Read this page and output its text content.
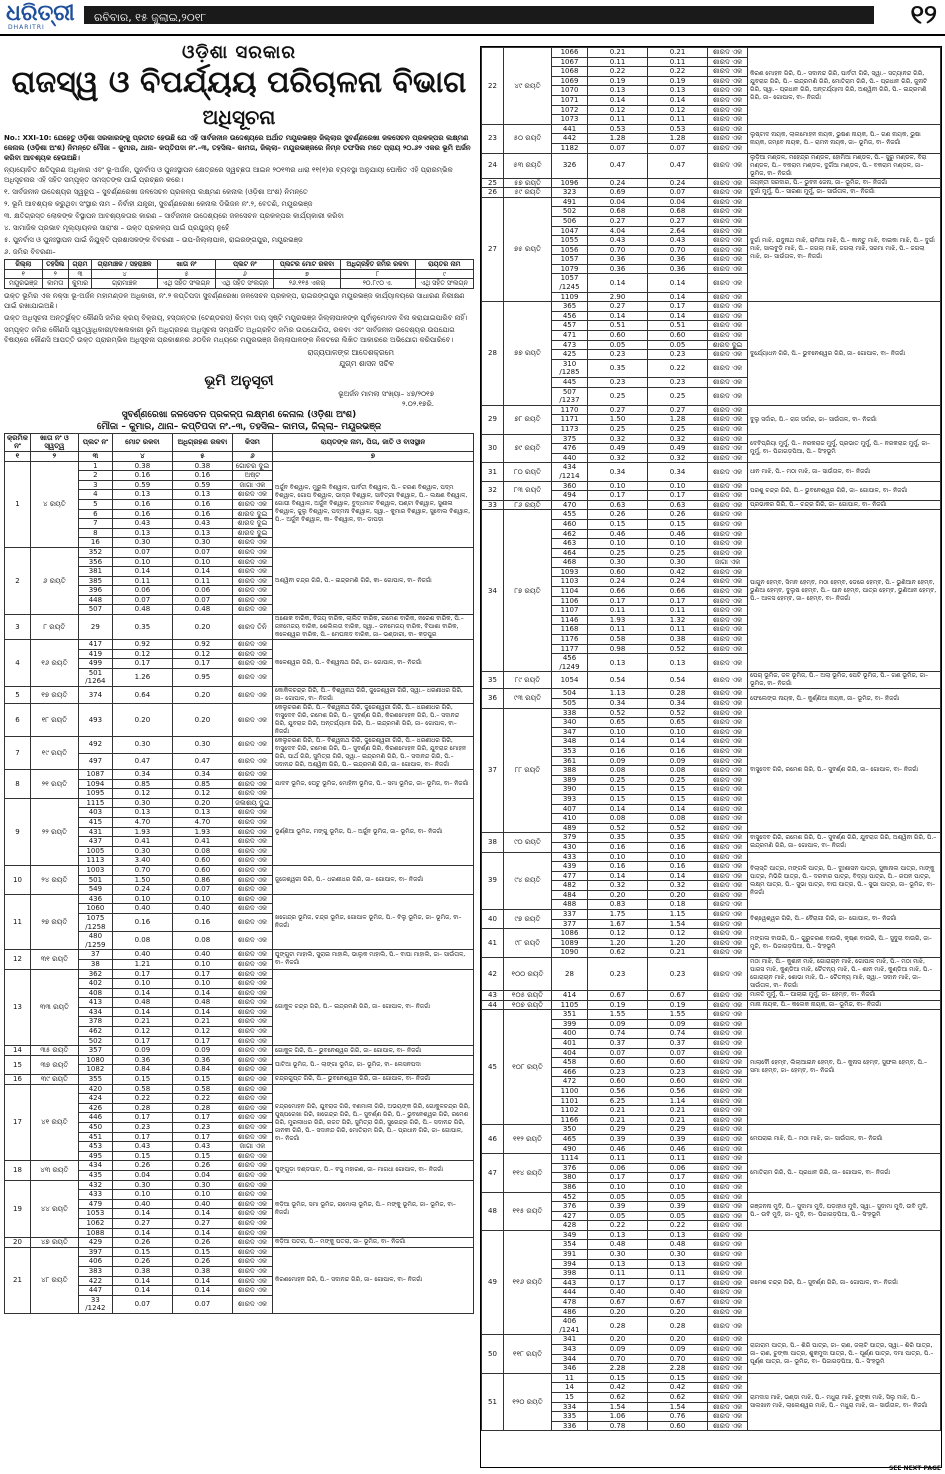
ଧରିତ୍ରୀ
DHARITRI
ରବିବାର, ୧୫ ଜୁଲାଇ,୨୦୧୮	୧୨
ଓଡ଼ିଶା ସରକାର
ରାଜସ୍ୱ ଓ ବିପର୍ଯ୍ୟୟ ପରିଚାଳନା ବିଭାଗ
ଅଧିସୂଚନା
No.: XXI-10: ଯେହେତୁ ଓଡ଼ିଶା ସରକାରଙ୍କୁ ପ୍ରତୀତ ହେଉଛି ଯେ ଏହି ସାର୍ବଜନୀନ ଉଦ୍ଦେଶ୍ୟରେ ଅର୍ଥାତ ମୟୂରଭଞ୍ଜ ଜିଲ୍ଲାର ସୁବର୍ଣ୍ଣରେଖା ଜଳସେଚନ ପ୍ରକଳ୍ପର ଲକ୍ଷ୍ମଣ କେନାଲ (ଓଡ଼ିଶା ଅଂଶ) ନିମନ୍ତେ ମୌଜା – କୁମାର, ଥାନା– କପ୍ତିପଦା ନଂ.–୩, ତହସିଲ– କାମତା, ଜିଲ୍ଲା– ମୟୂରଭଞ୍ଜରେ ନିମ୍ନ ତଫସିଲ ମତେ ପ୍ରାୟ ୨୦.୬୨ ଏକର ଭୂମି ଅର୍ଜନ କରିବା ଆବଶ୍ୟକ ହେଉଅଛି।
ନ୍ୟାୟୋଚିତ କ୍ଷତିପୂରଣ ଅଧିକାର ଏବଂ ଭୂ-ଅର୍ଜନ, ପୁନର୍ବାସ ଓ ପୁନଃସ୍ଥାପନ କ୍ଷେତ୍ରରେ ସ୍ୱଚ୍ଛତା ଆଇନ ୨୦୧୩ର ଧାରା ୧୧(୧)ର ବ୍ୟବସ୍ଥା ଅନୁଯାୟୀ ଘୋଷିତ ଏହି ପ୍ରାରମ୍ଭିକ ଅଧିସୂଚନାର ଏହି ସହିତ ସମ୍ପୃକ୍ତ ସମସ୍ତଙ୍କ ପାଇଁ ପ୍ରଚ୍ଛନ କରେ।
୧. ସାର୍ବଜନୀନ ଉଦ୍ଦେଶ୍ୟର ସ୍ୱରୂପ – ସୁବର୍ଣ୍ଣରେଖା ଜଳସେଚନ ପ୍ରକଳ୍ପ ଲକ୍ଷ୍ମଣ କେନାଲ (ଓଡ଼ିଶା ଅଂଶ) ନିମନ୍ତେ
୨. ଭୂମି ଆବଶ୍ୟକ କରୁଥିବା ସଂସ୍ଥାର ନାମ – ନିର୍ବାହୀ ଯନ୍ତ୍ରୀ, ସୁବର୍ଣ୍ଣରେଖା କେନାଲ ଡିଭିଜନ ନଂ.୨, ବେତଣି, ମୟୂରଭଞ୍ଜ
୩. କ୍ଷତିଗ୍ରସ୍ତ ଲୋକଙ୍କ ବିସ୍ଥାପନ ଆବଶ୍ୟକତାର କାରଣ – ସାର୍ବଜନୀନ ଉଦ୍ଦେଶ୍ୟରେ ଜଳସେଚନ ପ୍ରକଳ୍ପର କାର୍ଯ୍ୟକାରୀ କରିବା
୪. ସାମାଜିକ ପ୍ରଭାବ ମୂଲ୍ୟାୟନର ସାରାଂଶ – ଉକ୍ତ ପ୍ରକଳ୍ପ ପାଇଁ ପ୍ରଯୁଜ୍ୟ ନୁହେଁ
୫. ପୁନର୍ବାସ ଓ ପୁନଃସ୍ଥାପନ ପାଇଁ ନିଯୁକ୍ତି ପ୍ରଶାସକଙ୍କ ବିବରଣୀ – ଉପ-ଜିଲ୍ଲାପାଳ, ରାଇରଙ୍ଗପୁର, ମୟୂରଭଞ୍ଜ
୬. ଜମିର ବିବରଣୀ–
ଜିଲ୍ଲା	ତହସିଲ	ଗ୍ରାମ	ଗ୍ରାମାଞ୍ଚଳ / ସହରାଞ୍ଚଳ	ଖାତା ନଂ	ପ୍ଲଟ ନଂ	ପ୍ଲଟର ମୋଟ ରକବା	ଅଧିଗ୍ରହିତ ଜମିର ରକବା	ରାୟତର ନାମ
୧	୨	୩	୪	୫	୬	୭	୮	୯
ମୟୂରଭଞ୍ଜ	କାମତା	କୁମାର	ଗ୍ରାମାଞ୍ଚଳ	ଏଥି ସହିତ ସଂଲଗ୍ନ	ଏଥି ସହିତ ସଂଲଗ୍ନ	୨୬.୧୧୫ ଏକର୍‌	୨୦.୮୯୦ ଏ.	ଏଥି ସହିତ ସଂଲଗ୍ନ
ଉକ୍ତ ଭୂମିର ଏକ ନକ୍ସା ଭୂ-ଅର୍ଜନ ମହାମଣ୍ଡଳ ଅଧିକାରୀ, ନଂ.୨ କପ୍ତିପଦା ସୁବର୍ଣ୍ଣରେଖା ଜଳସେଚନ ପ୍ରକଳ୍ପ, ରାଇରଙ୍ଗପୁର ମୟୂରଭଞ୍ଜ କାର୍ଯ୍ୟାଳୟରେ ସାଧାରଣ ନିରୀକ୍ଷଣ ପାଇଁ ରଖାଯାଇଅଛି।
ଉକ୍ତ ଅଧିସୂଚନା ଅନ୍ତର୍ଭୁକ୍ତ କୌଣସି ଜମିର କ୍ରୟ ବିକ୍ରୟ, ହସ୍ତାନ୍ତର (ଟେଣ୍ଡରସ) କିମ୍ବା ଦାୟ ସୃଷ୍ଟି ମୟୂରଭଞ୍ଜ ଜିଲ୍ଲାପାଳଙ୍କ ପୂର୍ବାନୁମୋଦନ ବିନା କରାଯାଇପାରିବ ନାହିଁ।
ସମ୍ପୃକ୍ତ ଜମିର କୌଣସି ସ୍ୱତ୍ୱାଧିକାରୀ/ଦଖଲକାରୀ ଭୂମି ଅଧିଗ୍ରହଣ ଅଧିସୂଚନା ସମ୍ପର୍କିତ ଅଧିଗ୍ରହିତ ଜମିର ଉପଯୋଗିତା, ରକବା ଏବଂ ସାର୍ବଜନୀନ ଉଦ୍ଦେଶ୍ୟର ଉପଯୋଗ ବିଷୟରେ କୌଣସି ଆପତ୍ତି ଉକ୍ତ ପ୍ରାରମ୍ଭିକ ଅଧିସୂଚନା ପ୍ରକାଶନର ୬୦ଦିନ ମଧ୍ୟରେ ମୟୂରଭଞ୍ଜ ଜିଲ୍ଲାପାଳଙ୍କ ନିକଟରେ ଲିଖିତ ଆକାରରେ ଅଭିଯୋଗ କରିପାରିବେ।
ରାଜ୍ୟପାଳଙ୍କ ଆଦେଶକ୍ରମେ
ଯୁଗ୍ମ ଶାସନ ସଚିବ
ଭୂମି ଅନୁସୂଚୀ
ଭୂଅର୍ଜନ ମାମଲା ସଂଖ୍ୟା– ୪୭/୨୦୧୭
୨.୦୨.୧୭ରି.
ସୁବର୍ଣ୍ଣରେଖା ଜଳସେଚନ ପ୍ରକଳ୍ପ ଲକ୍ଷ୍ମଣ କେନାଲ (ଓଡ଼ିଶା ଅଂଶ)
ମୌଜା – କୁମାର, ଥାନା– କପ୍ତିପଦା ନଂ.–୩, ତହସିଲ– କାମତା, ଜିଲ୍ଲା– ମୟୂରଭଞ୍ଜ
କ୍ରମିକ ନଂ	ଖାତା ନଂ ଓ ସ୍ୱତ୍ୱ	ପ୍ଲଟ ନଂ	ମୋଟ ରକବା	ଅଧିଗ୍ରହଣ ରକବା	କିସମ	ରାୟତଙ୍କ ନାମ, ପିତା, ଜାତି ଓ ବାସସ୍ଥାନ
୧	୨	୩	୪	୫	୬	୭
1	୪ ରୟତି	1	0.38	0.38	ଗୋଚର ଦୁଇ	ଅର୍ଜୁନ ବିଶ୍ୱାଳ, ମୁରୁଲି ବିଶ୍ୱାଳ, ପାର୍ବତୀ ବିଶ୍ୱାଳ, ପି.– ଚରଣ ବିଶ୍ୱାଳ, ପଦ୍ମ ବିଶ୍ୱାଳ, ଗୋପ ବିଶ୍ୱାଳ, ଭାଦ୍ର ବିଶ୍ୱାଳ, ସାବିତ୍ରୀ ବିଶ୍ୱାଳ, ପି.– ଲକ୍ଷଣ ବିଶ୍ୱାଳ, ଗୋପୀ ବିଶ୍ୱାଳ, ଅର୍ଜୁନ ବିଶ୍ୱାଳ, ବୁଦ୍ଧମାଟ ବିଶ୍ୱାଳ, ଘଣ୍ଟା ବିଶ୍ୱାଳ, ସୁଶୀଳା ବିଶ୍ୱାଳ, ଜୁଲୁ ବିଶ୍ୱାଳ, ପଦ୍ମନା ବିଶ୍ୱାଳ, ସ୍ୱା.– କୁମାର ବିଶ୍ୱାଳ, ସୁବୋଲ ବିଶ୍ୱାଳ, ପି.– ଅର୍ଜୁନ ବିଶ୍ୱାଳ, କା– ବିଶ୍ୱାଳ, ବା– ଡାପଡ଼ା
		2	0.16	0.16	ଅଷ୍ଟ	
		3	0.59	0.59	ଜାଗା ଏକ	
		4	0.13	0.13	ଶାରଦ ଏକ	
		5	0.16	0.16	ଶାରଦ ଏକ	
		6	0.16	0.16	ଶାରଦ ଦୁଇ	
		7	0.43	0.43	ଶାରଦ ଦୁଇ	
		8	0.13	0.13	ଶାରଦ ଦୁଇ	
		16	0.30	0.30	ଶାରଦ ଏକ	
2	୬ ରୟତି	352	0.07	0.07	ଶାରଦ ଏକ	ଅଶ୍ୱିନୀ ଚନ୍ଦ୍ର ଗିରି, ପି.– ଇନ୍ଦ୍ରମଣି ଗିରି, କା– ଗୋପାଳ, ବା– ନିଜଗାଁ
		356	0.10	0.10	ଶାରଦ ଏକ	
		381	0.14	0.14	ଶାରଦ ଏକ	
		385	0.11	0.11	ଶାରଦ ଏକ	
		396	0.06	0.06	ଶାରଦ ଏକ	
		448	0.07	0.07	ଶାରଦ ଏକ	
		507	0.48	0.48	ଶାରଦ ଏକ	
3	୮ ରୟତି	29	0.35	0.20	ଶାରଦ ତିନି	ଅଶୋକ ବାରିକ, ବିଜୟ ବାରିକ, ଲାଲିତ ବାରିକ, ରମେଶ ବାରିକ, ନରେଶ ବାରିକ, ପି.– ଜନମେଜୟ ବାରିକ, ଶେଲିଲତା ବାରିକ, ସ୍ୱା.– ଜନମେଜୟ ବାରିକ, ବିପାଶା ବାରିକ, କଳେଶ୍ୱର ବାରିକ, ପି.– ମେଘନାଦ ବାରିକ, ଜା– ଭଣ୍ଡାରୀ, ବା– କଡ଼ପୁର
4	୧୬ ରୟତି	417	0.92	0.92	ଶାରଦ ଏକ	କଳେଶ୍ୱର ଗିରି, ପି.– ବିଶ୍ୱନାଥ ଗିରି, ଜା– ଗୋପାଳ, ବା– ନିଜଗାଁ
		419	0.12	0.12	ଶାରଦ ଏକ	
		499	0.17	0.17	ଶାରଦ ଏକ	
		501 /1264	1.26	0.95	ଶାରଦ ଏକ	
5	୧୭ ରୟତି	374	0.64	0.20	ଶାରଦ ଏକ	କୋକିଳଚନ୍ଦ୍ର ଗିରି, ପି.– ବିଶ୍ୱନାଥ ଗିରି, ଜୁଜେଶ୍ୱରୀ ଗିରି, ସ୍ୱା.– ଧରଣୀଧର ଗିରି, ଜା– ଗୋପାଳ, ବା– ନିଜଗାଁ
6	୧୮ ରୟତି	493	0.20	0.20	ଶାରଦ ଏକ	କେଲୁଚରଣ ଗିରି, ପି.– ବିଶ୍ୱନାଥ ଗିରି, ଜୁଜେଶ୍ୱରୀ ଗିରି, ପି.– ଧରଣୀଧର ଗିରି, ବାସୁଦେବ ଗିରି, ରମେଶ ଗିରି, ପି.– ସୁବର୍ଣ୍ଣ ଗିରି, କିରଣମୋହନ ଗିରି, ପି.– ସଦାନନ୍ଦ ଗିରି, ଯୁବରାଜ ଗିରି, ଅନ୍ତର୍ଯ୍ୟାମୀ ଗିରି, ପି.– ଇନ୍ଦ୍ରମଣି ଗିରି, ଜା– ଗୋପାଳ, ବା– ନିଜଗାଁ
7	୧୯ ରୟତି	492	0.30	0.30	ଶାରଦ ଏକ	କେଲୁଚରଣ ଗିରି, ପି.– ବିଶ୍ୱନାଥ ଗିରି, ଜୁଜେଶ୍ୱରୀ ଗିରି, ପି.– ଧରଣୀଧର ଗିରି, ବାସୁଦେବ ଗିରି, ରମେଶ ଗିରି, ପି.– ସୁବର୍ଣ୍ଣ ଗିରି, କିରଣମୋହନ ଗିରି, ଯୁବରାଜ ମୋହନ ଗିରି, ପାର୍ଥ ଗିରି, ସୁମିତ୍ରା ଗିରି, ସ୍ୱା.– ଇନ୍ଦ୍ରମଣି ଗିରି, ପି.– ସଦାନନ୍ଦ ଗିରି, ପି.– ସଦାନନ୍ଦ ଗିରି, ଅଶ୍ୱିନୀ ଗିରି, ପି.– ଇନ୍ଦ୍ରମଣି ଗିରି, ଜା– ଗୋପାଳ, ବା– ନିଜଗାଁ
		497	0.47	0.47	ଶାରଦ ଏକ	
8	୨୧ ରୟତି	1087	0.34	0.34	ଶାରଦ ଏକ	ଯାଦବ ଭୂମିଜ, ଘେଟୁ ଭୂମିଜ, ମୋହିନୀ ଭୂମିଜ, ପି.– ସମା ଭୂମିଜ, ଜା– ଭୂମିଜ, ବା– ନିଜଗାଁ
		1094	0.85	0.85	ଶାରଦ ଏକ	
		1095	0.12	0.12	ଶାରଦ ଏକ	
9	୨୨ ରୟତି	1115	0.30	0.20	ଜଳାଶୟ ଦୁଇ	ଭୂର୍ଣ୍ଣିଆ ଭୂମିଜ, ମଙ୍ଗୁ ଭୂମିଜ, ପି.– ଅର୍ଜୁନ ଭୂମିଜ, ଜା– ଭୂମିଜ, ବା– ନିଜଗାଁ
		403	0.13	0.13	ଶାରଦ ଏକ	
		415	4.70	4.70	ଶାରଦ ଏକ	
		431	1.93	1.93	ଶାରଦ ଏକ	
		437	0.41	0.41	ଶାରଦ ଏକ	
		1005	0.30	0.08	ଶାରଦ ଏକ	
		1113	3.40	0.60	ଶାରଦ ଏକ	
10	୨୪ ରୟତି	1003	0.70	0.60	ଶାରଦ ଏକ	ଜୁଜେଶ୍ୱରୀ ଗିରି, ପି.– ଧରଣୀଧର ଗିରି, ଜା– ଗୋପାଳ, ବା– ନିଜଗାଁ
		501	1.50	0.86	ଶାରଦ ଏକ	
		549	0.24	0.07	ଶାରଦ ଏକ	
11	୨୭ ରୟତି	436	0.10	0.10	ଶାରଦ ଏକ	ଖଗେନ୍ଦ୍ର ଭୂମିଜ, ଚନ୍ଦ୍ର ଭୂମିଜ, ଗୋପାଳ ଭୂମିଜ, ପି.– ବିଲୁ ଭୂମିଜ, ଜା– ଭୂମିଜ, ବା– ନିଜଗାଁ
		1060	0.40	0.40	ଶାରଦ ଏକ	
		1075 /1258	0.16	0.16	ଶାରଦ ଏକ	
		480 /1259	0.08	0.08	ଶାରଦ ଏକ	
12	୩୧ ରୟତି	37	0.40	0.40	ଶାରଦ ଏକ	ଘୁଙ୍ଗୁଟା ମାହାଲି, ସୁରାଇ ମାହାଲି, ଭାଲୁକ ମାହାଲି, ପି.– ବାଘା ମାହାଲି, ଜା– ସାଉଁତାଳ, ବା– ନିଜଗାଁ
		38	1.21	0.10	ଶାରଦ ଏକ	
13	୩୩ ରୟତି	362	0.17	0.17	ଶାରଦ ଏକ	ଗୋକୁଳ ଚନ୍ଦ୍ର ଗିରି, ପି.– ଇନ୍ଦ୍ରମଣି ଗିରି, ଜା– ଗୋପାଳ, ବା– ନିଜଗାଁ
		402	0.10	0.10	ଶାରଦ ଏକ	
		408	0.14	0.14	ଶାରଦ ଏକ	
		413	0.48	0.48	ଶାରଦ ଏକ	
		434	0.14	0.14	ଶାରଦ ଏକ	
		378	0.21	0.21	ଶାରଦ ଏକ	
		462	0.12	0.12	ଶାରଦ ଏକ	
		502	0.17	0.17	ଶାରଦ ଏକ	
14	୩୫ ରୟତି	357	0.09	0.09	ଶାରଦ ଏକ	ଗୋକୁଳ ଗିରି, ପି.– ଭୁବନେଶ୍ୱର ଗିରି, ଜା– ଗୋପାଳ, ବା– ନିଜଗାଁ
15	୩୭ ରୟତି	1080	0.36	0.36	ଶାରଦ ଏକ	ଘାଟିଆ ଭୂମିଜ, ପି.– ଲାଙ୍ଗା ଭୂମିଜ, ଜା– ଭୂମିଜ, ବା– ଲେସନପଦା
		1082	0.84	0.84	ଶାରଦ ଏକ	
16	୩୯ ରୟତି	355	0.15	0.15	ଶାରଦ ଏକ	ଚନ୍ଦ୍ରଗୁପ୍ତ ଗିରି, ପି.– ଭୁବନେଶ୍ୱର ଗିରି, ଜା– ଗୋପାଳ, ବା– ନିଜଗାଁ
17	୪୧ ରୟତି	420	0.58	0.58	ଶାରଦ ଏକ	ଚନ୍ଦ୍ରମୋହନ ଗିରି, ଯୁବରାଜ ଗିରି, ବଣମାଳୀ ଗିରି, ଅଭୟଙ୍କ ଗିରି, ଗୋକୁଳଚନ୍ଦ୍ର ଗିରି, ପୁଷ୍ପରେଖା ଗିରି, ଖଗେନ୍ଦ୍ର ଗିରି, ପି.– ସୁବର୍ଣ୍ଣ ଗିରି, ପି.– ଭୁବନେଶ୍ୱର ଗିରି, ରମେଶ ଗିରି, ମୁରଲୀଧର ଗିରି, ରଜତ ଗିରି, ସୁମିତ୍ରା ଗିରି, ସୁରେନ୍ଦ୍ର ଗିରି, ପି.– ସଦାନନ୍ଦ ଗିରି, ଜାନକୀ ଗିରି, ପି.– ସଦାନନ୍ଦ ଗିରି, ମୋତିରାମ ଗିରି, ପି.– ପ୍ରଧାନ ଗିରି, ଜା– ଗୋପାଳ, ବା– ନିଜଗାଁ
		424	0.22	0.22	ଶାରଦ ଏକ	
		426	0.28	0.28	ଶାରଦ ଏକ	
		446	0.17	0.17	ଶାରଦ ଏକ	
		450	0.23	0.23	ଶାରଦ ଏକ	
		451	0.17	0.17	ଶାରଦ ଏକ	
		453	0.43	0.43	ଜାଗା ଏକ	
		495	0.15	0.15	ଶାରଦ ଏକ	
18	୪୩ ରୟତି	434	0.26	0.26	ଶାରଦ ଏକ	ଘୁଙ୍ଗୁଡ଼ା ଦଣ୍ଡପାଟ, ପି.– ବସୁ ମହାରଣ, ଜା– ମାଗଧା ଗୋପାଳ, ବା– ନିଜଗାଁ
		435	0.04	0.04	ଶାରଦ ଏକ	
19	୪୪ ରୟତି	432	0.30	0.30	ଶାରଦ ଏକ	କଡ଼ିଆ ଭୂମିଜ, ସମା ଭୂମିଜ, ରାମୋଲା ଭୂମିଜ, ପି.– ମଙ୍କୁ ଭୂମିଜ, ଜା– ଭୂମିଜ, ବା– ନିଜଗାଁ
		433	0.10	0.10	ଶାରଦ ଏକ	
		479	0.40	0.40	ଶାରଦ ଏକ	
		1053	0.14	0.14	ଶାରଦ ଏକ	
		1062	0.27	0.27	ଶାରଦ ଏକ	
		1088	0.14	0.14	ଶାରଦ ଏକ	
20	୪୭ ରୟତି	429	0.26	0.26	ଶାରଦ ଏକ	କଡ଼ିଆ ପତରା, ପି.– ମଙ୍କୁ ପତରା, ଜା– ଭୂମିଜ, ବା– ନିଜଗାଁ
21	୪୮ ରୟତି	397	0.15	0.15	ଶାରଦ ଏକ	କିରଣମୋହନ ଗିରି, ପି.– ସଦାନନ୍ଦ ଗିରି, ଜା– ଗୋପାଳ, ବା– ନିଜଗାଁ
		406	0.26	0.26	ଶାରଦ ଏକ	
		383	0.38	0.38	ଶାରଦ ଏକ	
		422	0.14	0.14	ଶାରଦ ଏକ	
		447	0.14	0.14	ଶାରଦ ଏକ	
		33 /1242	0.07	0.07	ଶାରଦ ଏକ	
22	୪୯ ରୟତି	1066	0.21	0.21	ଶାରଦ ଏକ	କିରଣ ମୋହନ ଗିରି, ପି.– ସଦାନନ୍ଦ ଗିରି, ପାର୍ବତୀ ଗିରି, ସ୍ୱା.– ସତ୍ୟାନନ୍ଦ ଗିରି, ଯୁବରାଜ ଗିରି, ପି.– ଇନ୍ଦ୍ରମଣି ଗିରି, ମୋତିରାମ ଗିରି, ପି.– ପ୍ରଧାନ ଗିରି, ଜୁନାଟି ଗିରି, ସ୍ୱା.– ପ୍ରଧାନ ଗିରି, ଅନ୍ତର୍ଯ୍ୟାମୀ ଗିରି, ଅଶ୍ୱିନୀ ଗିରି, ପି.– ଇନ୍ଦ୍ରମଣି ଗିରି, ଜା– ଗୋପାଳ, ବା– ନିଜଗାଁ
		1067	0.11	0.11	ଶାରଦ ଏକ	
		1068	0.22	0.22	ଶାରଦ ଏକ	
		1069	0.19	0.19	ଶାରଦ ଏକ	
		1070	0.13	0.13	ଶାରଦ ଏକ	
		1071	0.14	0.14	ଶାରଦ ଏକ	
		1072	0.12	0.12	ଶାରଦ ଏକ	
		1073	0.11	0.11	ଶାରଦ ଏକ	
23	୫୦ ରୟତି	441	0.53	0.53	ଶାରଦ ଏକ	ଲୁଷ୍ଟାଦ ନାୟକ, ଲାଲମୋହନ ନାୟକ, ଭୁଷଣ ନାୟକ, ପି.– ଗଣ ନାୟକ, ଭୁଷା ନାୟକ, ଜମ୍ବେ ନାୟକ, ପି.– ରାମନ ନାୟକ, ଜା– ଭୂମିଜ, ବା– ନିଜଗାଁ
		442	1.28	1.28	ଶାରଦ ଏକ	
		1182	0.07	0.07	ଶାରଦ ଏକ	
24	୫୩ ରୟତି	326	0.47	0.47	ଶାରଦ ଏକ	ଲୁଡ଼ିଆ ମଣ୍ଡଳ, ମହେନ୍ଦ୍ର ମଣ୍ଡଳ, ହୋମିଆ ମଣ୍ଡଳ, ପି.– ସୁରୁ ମଣ୍ଡଳ, ବିରା ମଣ୍ଡଳ, ପି.– ବକରାମ ମଣ୍ଡଳ, ଦୁର୍ଗିଆ ମଣ୍ଡଳ, ପି.– ବକରାମ ମଣ୍ଡଳ, ଜା– ଭୂମିଜ, ବା– ନିଜଗାଁ
25	୫୭ ରୟତି	1096	0.24	0.24	ଶାରଦ ଏକ	ଜୟନ୍ତୀ ସରଦାର, ପି.– ଭୁବନ ଜେନା, ଜା– ଭୂମିଜ, ବା– ନିଜଗାଁ
26	୫୯ ରୟତି	323	0.69	0.07	ଶାରଦ ଏକ	ଦୁର୍ଗା ମୁର୍ମୁ, ପି.– ସାରଣା ମୁର୍ମୁ, ଜା– ସାଉଁତାଳ, ବା– ନିଜଗାଁ
27	୭୫ ରୟତି	491	0.04	0.04	ଶାରଦ ଏକ	ଦୁର୍ଗା ମାଝି, ଯଦୁନାଥ ମାଝି, ରାମିଆ ମାଝି, ପି.– କାନ୍ତୁ ମାଝି, ବାଇକା ମାଝି, ପି.– ଦୁର୍ଗା ମାଝି, ସାଲବୁଡ଼ି ମାଝି, ପି.– ଜଗଲା ମାଝି, ଜଗଲା ମାଝି, ସରମା ମାଝି, ପି.– ଜଗଲା ମାଝି, ଜା– ସାଉଁତାଳ, ବା– ନିଜଗାଁ
		502	0.68	0.68	ଶାରଦ ଏକ	
		506	0.27	0.27	ଶାରଦ ଏକ	
		1047	4.04	2.64	ଶାରଦ ଏକ	
		1055	0.43	0.43	ଶାରଦ ଏକ	
		1056	0.70	0.70	ଶାରଦ ଏକ	
		1057	0.36	0.36	ଶାରଦ ଏକ	
		1079	0.36	0.36	ଶାରଦ ଏକ	
		1057 /1245	0.14	0.14	ଶାରଦ ଏକ	
		1109	2.90	0.14	ଶାରଦ ଏକ	
28	୭୭ ରୟତି	365	0.27	0.17	ଶାରଦ ଏକ	ଦୁର୍ଯ୍ୟୋଧନ ଗିରି, ପି.– ଭୁବନେଶ୍ୱର ଗିରି, ଜା– ଗୋପାଳ, ବା– ନିଜଗାଁ
		456	0.14	0.14	ଶାରଦ ଏକ	
		457	0.51	0.51	ଶାରଦ ଏକ	
		471	0.60	0.60	ଶାରଦ ଏକ	
		473	0.05	0.05	ଶାରଦ ଦୁଇ	
		425	0.23	0.23	ଶାରଦ ଏକ	
		310 /1285	0.35	0.22	ଶାରଦ ଏକ	
		445	0.23	0.23	ଶାରଦ ଏକ	
		507 /1237	0.25	0.25	ଶାରଦ ଏକ	
29	୭୮ ରୟତି	1170	0.27	0.27	ଶାରଦ ଏକ	ଦୁଲୁ ସର୍ଦ୍ଦାର, ପି.– ରାଜ ସର୍ଦ୍ଦାର, ଜା– ସାଉଁତାଳ, ବା– ନିଜଗାଁ
		1171	1.50	1.28	ଶାରଦ ଏକ	
		1173	0.25	0.25	ଶାରଦ ଏକ	
30	୭୯ ରୟତି	375	0.32	0.32	ଶାରଦ ଏକ	ଦେବିପ୍ରିୟା ମୁର୍ମୁ, ପି.– ନରକରାଜ ମୁର୍ମୁ, ପ୍ରଭାତ ମୁର୍ମୁ, ପି.– ନରକରାଜ ମୁର୍ମୁ, ଜା– ମୁର୍ମୁ, ବା– ପିଜାଗଡ଼ପିଆ, ପି.– ସିଂହଭୂମି
		476	0.49	0.49	ଶାରଦ ଏକ	
		440	0.32	0.32	ଶାରଦ ଏକ	
31	୮୦ ରୟତି	434 /1214	0.34	0.34	ଶାରଦ ଏକ	ଧାନ ମାଝି, ପି.– ମଠା ମାଝି, ଜା– ସାଉଁତାଳ, ବା– ନିଜଗାଁ
32	୮୩ ରୟତି	360	0.10	0.10	ଶାରଦ ଏକ	ପରଶୁ ଚନ୍ଦ୍ର ଗିରି, ପି.– ଭୁବନେଶ୍ୱର ଗିରି, ଜା– ଗୋପାଳ, ବା– ନିଜଗାଁ
		494	0.17	0.17	ଶାରଦ ଏକ	
33	୮୬ ରୟତି	470	0.63	0.63	ଶାରଦ ଏକ	ପ୍ରଭାକର ଗିରି, ପି.– ଚନ୍ଦ୍ର ଗିରି, ଜା– ଗୋପାଳ, ବା– ନିଜଗାଁ
34	୮୭ ରୟତି	455	0.26	0.26	ଶାରଦ ଏକ	ପାଗୁନ ହେମ୍ବ, ସିମନ ହେମ୍ବ, ମଠା ହେମ୍ବ, ଡେରେ ହେମ୍ବ, ପି.– ଭୁଣିଆନ ହେମ୍ବ, ଭୁଣିଆ ହେମ୍ବ, ଦୁଲୁଷ ହେମ୍ବ, ପି.– ପାନ ହେମ୍ବ, ପାତ୍ର ହେମ୍ବ, ଭୁଣିଆନ ହେମ୍ବ, ପି.– ଆଳସ ହେମ୍ବ, ଜା– ହେମ୍ବ, ବା– ନିଜଗାଁ
		460	0.15	0.15	ଶାରଦ ଏକ	
		462	0.46	0.46	ଶାରଦ ଏକ	
		463	0.10	0.10	ଶାରଦ ଏକ	
		464	0.25	0.25	ଶାରଦ ଏକ	
		468	0.30	0.30	ଜାଗା ଏକ	
		1093	0.60	0.42	ଶାରଦ ଏକ	
		1103	0.24	0.24	ଶାରଦ ଏକ	
		1104	0.66	0.66	ଶାରଦ ଏକ	
		1106	0.17	0.17	ଶାରଦ ଏକ	
		1107	0.11	0.11	ଶାରଦ ଏକ	
		1146	1.93	1.32	ଶାରଦ ଏକ	
		1168	0.11	0.11	ଶାରଦ ଏକ	
		1176	0.58	0.38	ଶାରଦ ଏକ	
		1177	0.98	0.52	ଶାରଦ ଏକ	
		456 /1249	0.13	0.13	ଶାରଦ ଏକ	
35	୮୯ ରୟତି	1054	0.54	0.54	ଶାରଦ ଏକ	ପେଚା ଭୂମିଜ, ଜଳ ଭୂମିଜ, ପି.– ଅଲା ଭୂମିଜ, ପେଟି ଭୂମିଜ, ପି.– ଗଣ ଭୂମିଜ, ଜା– ଭୂମିଜ, ବା– ନିଜଗାଁ
36	୯୩ ରୟତି	504	1.13	0.28	ଶାରଦ ଏକ	ଫେଲେଙ୍ଗ ନାୟକ, ପି.– କୁର୍ଣ୍ଣିଆ ନାୟକ, ଜା– ଭୂମିଜ, ବା– ନିଜଗାଁ
		505	0.34	0.34	ଶାରଦ ଏକ	
37	୮୮ ରୟତି	338	0.52	0.52	ଶାରଦ ଏକ	ବାସୁଦେବ ଗିରି, ରମେଶ ଗିରି, ପି.– ସୁବର୍ଣ୍ଣ ଗିରି, ଜା– ଗୋପାଳ, ବା– ନିଜଗାଁ
		340	0.65	0.65	ଶାରଦ ଏକ	
		347	0.10	0.10	ଶାରଦ ଏକ	
		348	0.14	0.14	ଶାରଦ ଏକ	
		353	0.16	0.16	ଶାରଦ ଏକ	
		361	0.09	0.09	ଶାରଦ ଏକ	
		388	0.08	0.08	ଶାରଦ ଏକ	
		389	0.25	0.25	ଶାରଦ ଏକ	
		390	0.15	0.15	ଶାରଦ ଏକ	
		393	0.15	0.15	ଶାରଦ ଏକ	
		407	0.14	0.14	ଶାରଦ ଏକ	
		410	0.08	0.08	ଶାରଦ ଏକ	
		489	0.52	0.52	ଶାରଦ ଏକ	
38	୯୦ ରୟତି	379	0.35	0.35	ଶାରଦ ଏକ	ବାସୁଦେବ ଗିରି, ରମେଶ ଗିରି, ପି.– ସୁବର୍ଣ୍ଣ ଗିରି, ଯୁବରାଜ ଗିରି, ଅଶ୍ୱିନୀ ଗିରି, ପି.– ଇନ୍ଦ୍ରମଣି ଗିରି, ଜା– ଗୋପାଳ, ବା– ନିଜଗାଁ
		430	0.16	0.16	ଶାରଦ ଏକ	
39	୯୪ ରୟତି	433	0.10	0.10	ଶାରଦ ଏକ	ବିଲାସ୍ତି ପାତ୍ର, ମଙ୍ଗଳି ପାତ୍ର, ପି.– ଦୁଃଶାସନ ପାତ୍ର, ସୁକାନାଲ ପାତ୍ର, ମାଙ୍କୁ ପାତ୍ର, ମିଭିଜି ପାତ୍ର, ପି.– ଦରବାର ପାତ୍ର, ବିଦ୍ୟା ପାତ୍ର, ପି.– ରଘନ ପାତ୍ର, ଲକ୍ଷ୍ମ ପାତ୍ର, ପି.– ସୁଭା ପାତ୍ର, ବାଘ ପାତ୍ର, ପି.– ସୁଭା ପାତ୍ର, ଜା– ଭୂମିଜ, ବା– ନିଜଗାଁ
		439	0.16	0.16	ଶାରଦ ଏକ	
		477	0.14	0.14	ଶାରଦ ଏକ	
		482	0.32	0.32	ଶାରଦ ଏକ	
		484	0.20	0.20	ଶାରଦ ଏକ	
		488	0.83	0.18	ଶାରଦ ଏକ	
40	୯୭ ରୟତି	337	1.75	1.15	ଶାରଦ ଏକ	ବିଶ୍ୱେଶ୍ୱର ଗିରି, ପି.– ବୈରାଗୀ ଗିରି, ଜା– ଗୋପାଳ, ବା– ନିଜଗାଁ
		377	1.67	1.54	ଶାରଦ ଏକ	
41	୯୮ ରୟତି	1086	0.12	0.12	ଶାରଦ ଏକ	ମଙ୍ଗଳା ବାଉରି, ପି.– ଗୁରୁଚରଣ ବାଉରି, କୃଷ୍ଣ ବାଉରି, ପି.– ସୁଦୁରା ବାଉରି, ଜା– ମୁଚି, ବା– ପିଜାଗଡ଼ପିଆ, ପି.– ସିଂହଭୂମି
		1089	1.20	1.20	ଶାରଦ ଏକ	
		1090	0.62	0.21	ଶାରଦ ଏକ	
42	୧୦୦ ରୟତି	28	0.23	0.23	ଶାରଦ ଏକ	ମଠା ମାଝି, ପି.– କୁଶାନ ମାଝି, ଗୋରାଚାନ ମାଝି, ଗୋପାଳ ମାଝି, ପି.– ମଠା ମାଝି, ପାରସ ମାଝି, କୁଣ୍ଡିଆ ମାଝି, ଚୈତନ୍ୟ ମାଝି, ପି.– ଶାନ ମାଝି, କୁଣ୍ଡିଆ ମାଝି, ପି.– ଗୋରାଚାନ ମାଝି, ଶୋଭା ମାଝି, ପି.– ଚୈତନ୍ୟ ମାଝି, ସ୍ୱା.– ସଦାନ ମାଝି, ଜା– ସାଉଁତାଳ, ବା– ନିଜଗାଁ
43	୧୦୫ ରୟତି	414	0.67	0.67	ଶାରଦ ଏକ	ମାଳତି ମୁର୍ମୁ, ପି.– ଘାଲାଇ ମୁର୍ମୁ, ଜା– ହେମ୍ବ, ବା– ନିଜଗାଁ
44	୧୦୭ ରୟତି	1105	0.19	0.19	ଶାରଦ ଏକ	ମାନା ନାୟକ, ପି.– କଲେକ ନାୟକ, ଜା– ଭୂମିଜ, ବା– ନିଜଗାଁ
45	୧୦୮ ରୟତି	351	1.55	1.55	ଶାରଦ ଏକ	ମାଲାବୌ ହେମ୍ବ, ଲିଲାଆଇନ ହେମ୍ବ, ପି.– କୁନାସ ହେମ୍ବ, ସୁଫଲ ହେମ୍ବ, ପି.– ସମା ହେମ୍ବ, ଜା– ହେମ୍ବ, ବା– ନିଜଗାଁ
		399	0.09	0.09	ଶାରଦ ଏକ	
		400	0.74	0.74	ଶାରଦ ଏକ	
		401	0.37	0.37	ଶାରଦ ଏକ	
		404	0.07	0.07	ଶାରଦ ଏକ	
		458	0.60	0.60	ଶାରଦ ଏକ	
		466	0.23	0.23	ଶାରଦ ଏକ	
		472	0.60	0.60	ଶାରଦ ଏକ	
		1100	0.56	0.56	ଶାରଦ ଏକ	
		1101	6.25	1.14	ଶାରଦ ଏକ	
		1102	0.21	0.21	ଶାରଦ ଏକ	
		1166	0.21	0.21	ଶାରଦ ଏକ	
46	୧୧୨ ରୟତି	350	0.29	0.29	ଶାରଦ ଏକ	ମେଘରାଇ ମାଝି, ପି.– ମଠା ମାଝି, ଜା– ସାଉଁତାଳ, ବା– ନିଜଗାଁ
		465	0.39	0.39	ଶାରଦ ଏକ	
		490	0.46	0.46	ଶାରଦ ଏକ	
47	୧୧୪ ରୟତି	1114	0.11	0.11	ଶାରଦ ଏକ	ମୋତିରାମ ଗିରି, ପି.– ପ୍ରଧାନ ଗିରି, ଜା– ଗୋପାଳ, ବା– ନିଜଗାଁ
		376	0.06	0.06	ଶାରଦ ଏକ	
		380	0.17	0.17	ଶାରଦ ଏକ	
		386	0.10	0.10	ଶାରଦ ଏକ	
48	୧୧୫ ରୟତି	452	0.05	0.05	ଶାରଦ ଏକ	ରଞ୍ଜନନା ମୁଦି, ପି.– ସୁଦାମା ମୁଦି, ପଡ଼ାହୀଓ ମୁଦି, ସ୍ୱା.– ସୁଦାମା ମୁଦି, ଉବି ମୁଦି, ପି.– ଉବି ମୁଦି, ଜା– ମୁଦି, ବା– ପିଜାଗଡ଼ପିଆ, ପି.– ସିଂହଭୂମି
		376	0.39	0.39	ଶାରଦ ଏକ	
		427	0.05	0.05	ଶାରଦ ଏକ	
		428	0.22	0.22	ଶାରଦ ଏକ	
49	୧୧୬ ରୟତି	349	0.13	0.13	ଶାରଦ ଏକ	ରମେଶ ଚନ୍ଦ୍ର ଗିରି, ପି.– ସୁବର୍ଣ୍ଣ ଗିରି, ଜା– ଗୋପାଳ, ବା– ନିଜଗାଁ
		354	0.48	0.48	ଶାରଦ ଏକ	
		391	0.30	0.30	ଶାରଦ ଏକ	
		394	0.13	0.13	ଶାରଦ ଏକ	
		398	0.11	0.11	ଶାରଦ ଏକ	
		443	0.17	0.17	ଶାରଦ ଏକ	
		444	0.40	0.40	ଶାରଦ ଏକ	
		478	0.67	0.67	ଶାରଦ ଏକ	
		486	0.20	0.20	ଶାରଦ ଏକ	
		406 /1241	0.28	0.28	ଶାରଦ ଏକ	
50	୧୧୮ ରୟତି	341	0.20	0.20	ଶାରଦ ଏକ	ରାଜାରାମ ପାତ୍ର, ପି.– ଶିରି ପାତ୍ର, ଜା– ରାଣ, ଜଲାଟି ପାତ୍ର, ସ୍ୱା.– ଶିରି ପାତ୍ର, ଜା– ରାଣ, ଚୁଙ୍କା ପାତ୍ର, ଶୁକମୁଦା ପାତ୍ର, ପି.– ପୂର୍ଣ୍ଣ ପାତ୍ର, ଦମା ପାତ୍ର, ପି.– ପୂର୍ଣ୍ଣ ପାତ୍ର, ଜା– ଭୂମିଜ, ବା– ପିଜାଗଡ଼ପିଆ, ପି.– ସିଂହଭୂମି
		343	0.09	0.09	ଶାରଦ ଏକ	
		344	0.70	0.70	ଶାରଦ ଏକ	
		346	2.28	2.28	ଶାରଦ ଏକ	
51	୧୨୦ ରୟତି	11	0.15	0.15	ଶାରଦ ଏକ	ରାମଦାସ ମାଝି, ଭଣ୍ଡା ମାଝି, ପି.– ମଧୁରା ମାଝି, ଚୁଙ୍କା ମାଝି, ସିଲୁ ମାଝି, ପି.– ସାଲଖାନ ମାଝି, ଲାଲେଶ୍ୱର ମାଝି, ପି.– ମଧୁରା ମାଝି, ଜା– ସାଉଁତାଳ, ବା– ନିଜଗାଁ
		14	0.42	0.42	ଶାରଦ ଏକ	
		15	0.62	0.62	ଶାରଦ ଏକ	
		334	1.54	1.54	ଶାରଦ ଏକ	
		335	1.06	0.76	ଶାରଦ ଏକ	
		336	0.78	0.60	ଶାରଦ ଏକ	
SEE NEXT PAGE
